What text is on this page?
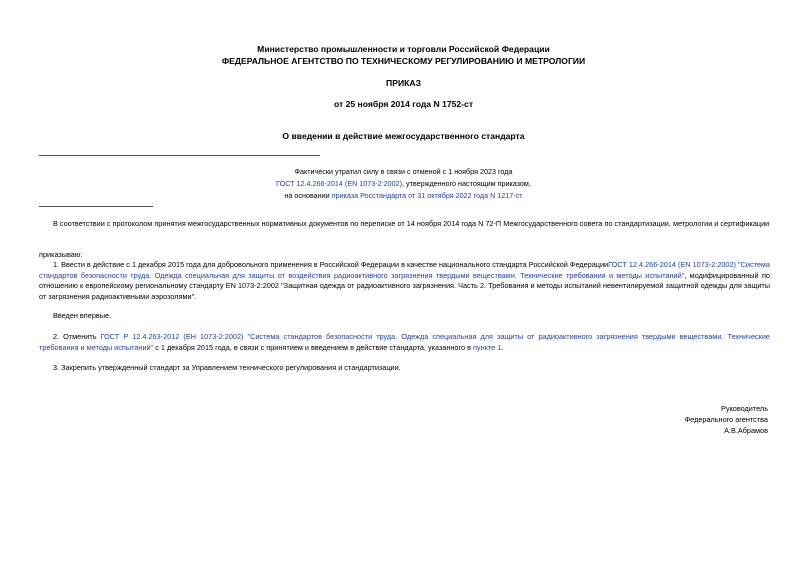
Министерство промышленности и торговли Российской Федерации
ФЕДЕРАЛЬНОЕ АГЕНТСТВО ПО ТЕХНИЧЕСКОМУ РЕГУЛИРОВАНИЮ И МЕТРОЛОГИИ
ПРИКАЗ
от 25 ноября 2014 года N 1752-ст
О введении в действие межгосударственного стандарта
Фактически утратил силу в связи с отменой с 1 ноября 2023 года
ГОСТ 12.4.266-2014 (EN 1073-2:2002), утвержденного настоящим приказом,
на основании приказа Росстандарта от 31 октября 2022 года N 1217-ст
В соответствии с протоколом принятия межгосударственных нормативных документов по переписке от 14 ноября 2014 года N 72-П Межгосударственного совета по стандартизации, метрологии и сертификации
приказываю:
1. Ввести в действие с 1 декабря 2015 года для добровольного применения в Российской Федерации в качестве национального стандарта Российской ФедерацииГОСТ 12.4.266-2014 (EN 1073-2:2002) "Система стандартов безопасности труда. Одежда специальная для защиты от воздействия радиоактивного загрязнения твердыми веществами. Технические требования и методы испытаний", модифицированный по отношению к европейскому региональному стандарту EN 1073-2:2002 "Защитная одежда от радиоактивного загрязнения. Часть 2. Требования и методы испытаний невентилируемой защитной одежды для защиты от загрязнения радиоактивными аэрозолями".
Введен впервые.
2. Отменить ГОСТ Р 12.4.263-2012 (ЕН 1073-2:2002) "Система стандартов безопасности труда. Одежда специальная для защиты от радиоактивного загрязнения твердыми веществами. Технические требования и методы испытаний" с 1 декабря 2015 года, в связи с принятием и введением в действие стандарта, указанного в пункте 1.
3. Закрепить утвержденный стандарт за Управлением технического регулирования и стандартизации.
Руководитель
Федерального агентства
А.В.Абрамов
